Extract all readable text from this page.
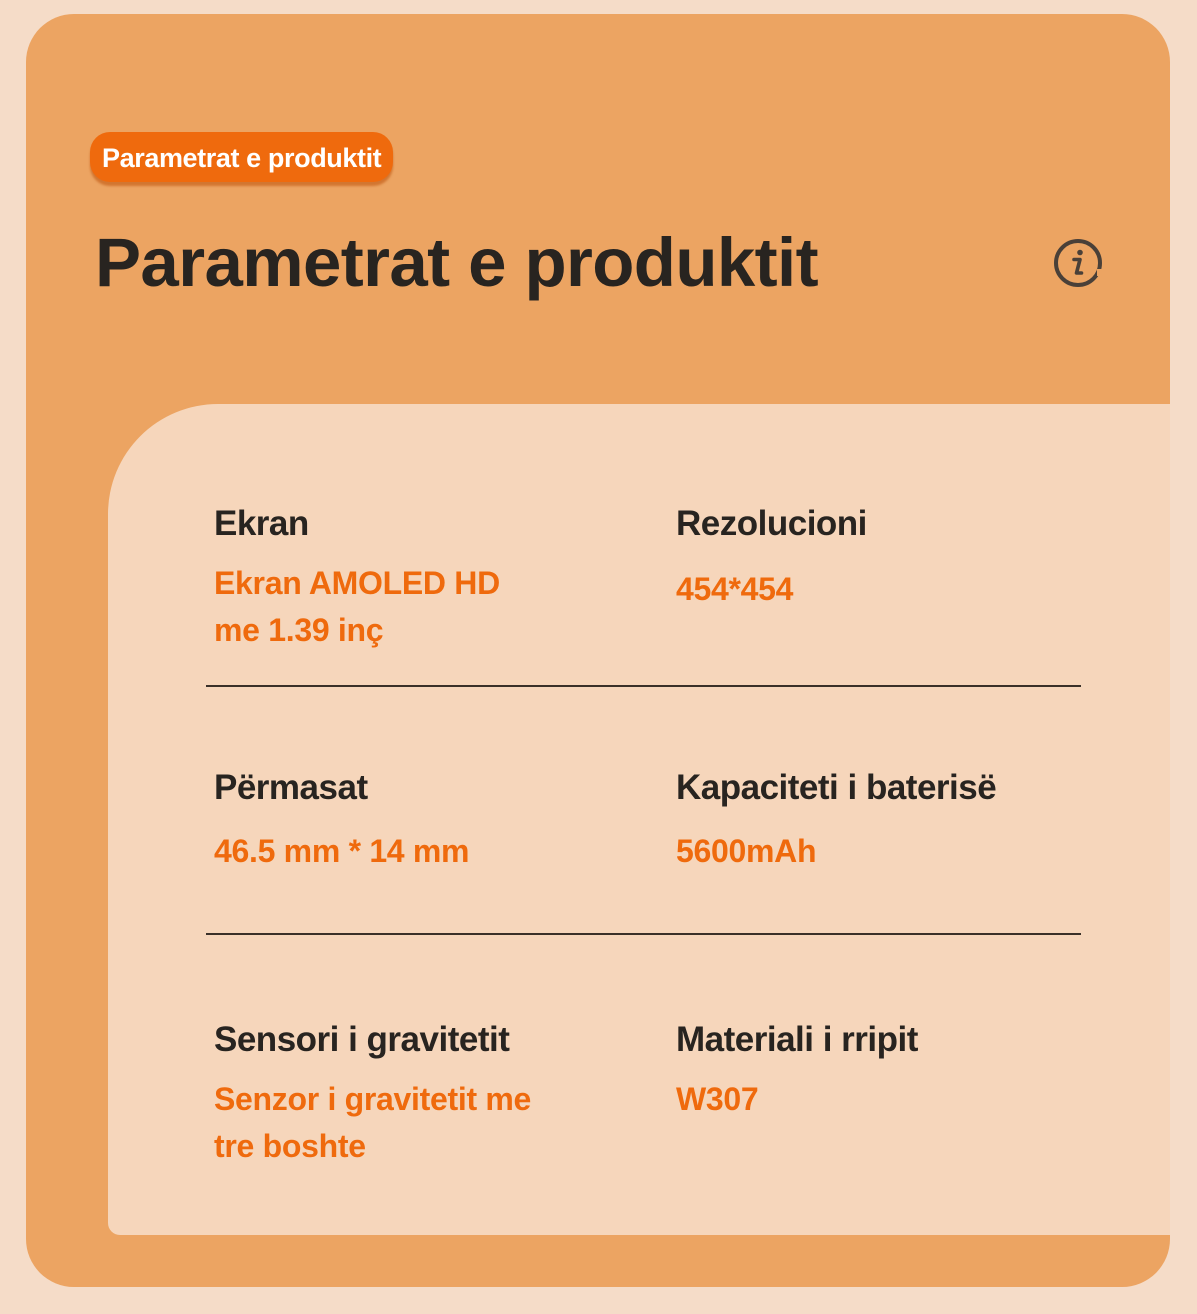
Parametrat e produktit
Parametrat e produktit
Ekran
Ekran AMOLED HD me 1.39 inç
Rezolucioni
454*454
Përmasat
46.5 mm * 14 mm
Kapaciteti i baterisë
5600mAh
Sensori i gravitetit
Senzor i gravitetit me tre boshte
Materiali i rripit
W307
